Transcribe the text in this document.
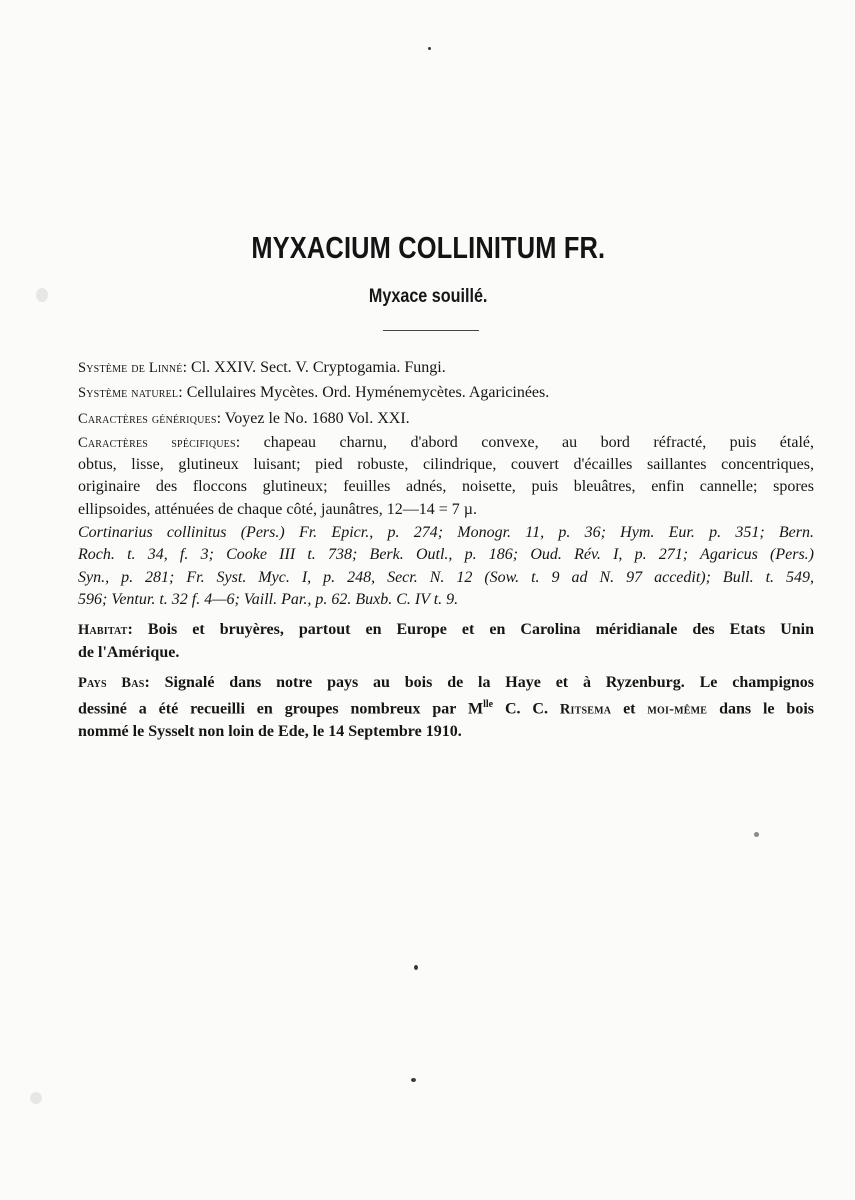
MYXACIUM COLLINITUM FR.
Myxace souillé.
Système de Linné: Cl. XXIV. Sect. V. Cryptogamia. Fungi.
Système naturel: Cellulaires Mycètes. Ord. Hyménemycètes. Agaricinées.
Caractères génériques: Voyez le No. 1680 Vol. XXI.
Caractères spécifiques: chapeau charnu, d'abord convexe, au bord réfracté, puis étalé,
obtus, lisse, glutineux luisant; pied robuste, cilindrique, couvert d'écailles saillantes concentriques,
originaire des floccons glutineux; feuilles adnés, noisette, puis bleuâtres, enfin cannelle; spores
ellipsoides, atténuées de chaque côté, jaunâtres, 12—14 = 7 µ.
Cortinarius collinitus (Pers.) Fr. Epicr., p. 274; Monogr. 11, p. 36; Hym. Eur. p. 351; Bern.
Roch. t. 34, f. 3; Cooke III t. 738; Berk. Outl., p. 186; Oud. Rév. I, p. 271; Agaricus (Pers.)
Syn., p. 281; Fr. Syst. Myc. I, p. 248, Secr. N. 12 (Sow. t. 9 ad N. 97 accedit); Bull. t. 549,
596; Ventur. t. 32 f. 4—6; Vaill. Par., p. 62. Buxb. C. IV t. 9.
Habitat: Bois et bruyères, partout en Europe et en Carolina méridianale des Etats Unin
de l'Amérique.
Pays Bas: Signalé dans notre pays au bois de la Haye et à Ryzenburg. Le champignos
dessiné a été recueilli en groupes nombreux par $M^{lle}$ C. C. Ritsema et moi-même dans le bois
nommé le Sysselt non loin de Ede, le 14 Septembre 1910.
